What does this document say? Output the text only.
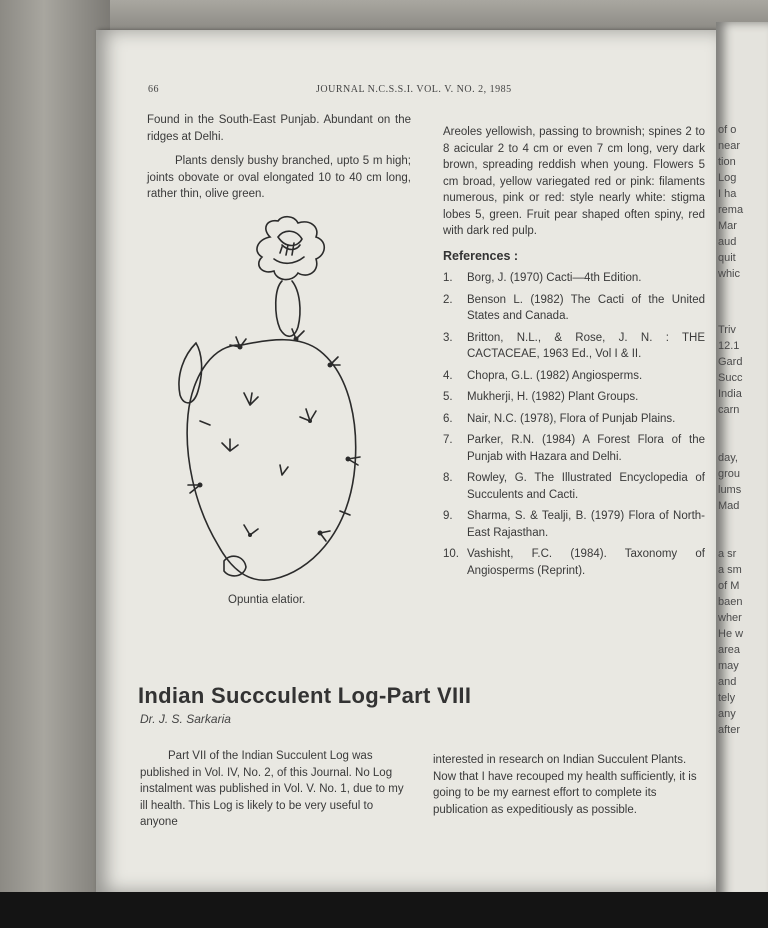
of o
near
tion
Log
I ha
rema
Mar
aud
quit
whic
Triv
12.1
Gard
Succ
India
carn
day,
grou
lums
Mad
a sr
a sm
of M
baen
wher
He w
area
may
and
tely
any
after
66	JOURNAL N.C.S.S.I. VOL. V. NO. 2, 1985

Found in the South-East Punjab. Abundant on the ridges at Delhi.

Plants densly bushy branched, upto 5 m high; joints obovate or oval elongated 10 to 40 cm long, rather thin, olive green.

Opuntia elatior.

Areoles yellowish, passing to brownish; spines 2 to 8 acicular 2 to 4 cm or even 7 cm long, very dark brown, spreading reddish when young. Flowers 5 cm broad, yellow variegated red or pink: filaments numerous, pink or red: style nearly white: stigma lobes 5, green. Fruit pear shaped often spiny, red with dark red pulp.

References :
1.	Borg, J. (1970) Cacti—4th Edition.
2.	Benson L. (1982) The Cacti of the United States and Canada.
3.	Britton, N.L., & Rose, J. N. : THE CACTACEAE, 1963 Ed., Vol I & II.
4.	Chopra, G.L. (1982) Angiosperms.
5.	Mukherji, H. (1982) Plant Groups.
6.	Nair, N.C. (1978), Flora of Punjab Plains.
7.	Parker, R.N. (1984) A Forest Flora of the Punjab with Hazara and Delhi.
8.	Rowley, G. The Illustrated Encyclopedia of Succulents and Cacti.
9.	Sharma, S. & Tealji, B. (1979) Flora of North-East Rajasthan.
10. Vashisht, F.C. (1984). Taxonomy of Angiosperms (Reprint).
Indian Succculent Log-Part VIII
Dr. J. S. Sarkaria

Part VII of the Indian Succulent Log was published in Vol. IV, No. 2, of this Journal. No Log instalment was published in Vol. V. No. 1, due to my ill health. This Log is likely to be very useful to anyone

interested in research on Indian Succulent Plants. Now that I have recouped my health sufficiently, it is going to be my earnest effort to complete its publication as expeditiously as possible.
